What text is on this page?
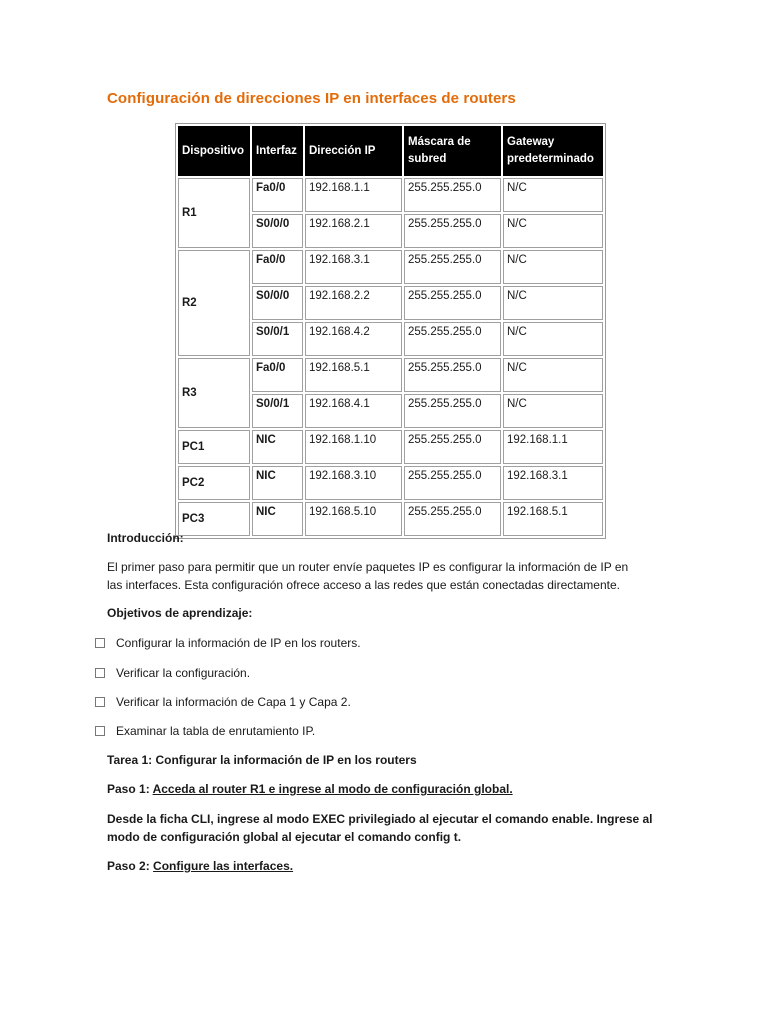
Configuración de direcciones IP en interfaces de routers
Dispositivo	Interfaz	Dirección IP	Máscara de subred	Gateway predeterminado
R1	Fa0/0	192.168.1.1	255.255.255.0	N/C
	S0/0/0	192.168.2.1	255.255.255.0	N/C
R2	Fa0/0	192.168.3.1	255.255.255.0	N/C
	S0/0/0	192.168.2.2	255.255.255.0	N/C
	S0/0/1	192.168.4.2	255.255.255.0	N/C
R3	Fa0/0	192.168.5.1	255.255.255.0	N/C
	S0/0/1	192.168.4.1	255.255.255.0	N/C
PC1	NIC	192.168.1.10	255.255.255.0	192.168.1.1
PC2	NIC	192.168.3.10	255.255.255.0	192.168.3.1
PC3	NIC	192.168.5.10	255.255.255.0	192.168.5.1
Introducción:
El primer paso para permitir que un router envíe paquetes IP es configurar la información de IP en
las interfaces. Esta configuración ofrece acceso a las redes que están conectadas directamente.
Objetivos de aprendizaje:
Configurar la información de IP en los routers.
Verificar la configuración.
Verificar la información de Capa 1 y Capa 2.
Examinar la tabla de enrutamiento IP.
Tarea 1: Configurar la información de IP en los routers
Paso 1: Acceda al router R1 e ingrese al modo de configuración global.
Desde la ficha CLI, ingrese al modo EXEC privilegiado al ejecutar el comando enable. Ingrese al
modo de configuración global al ejecutar el comando config t.
Paso 2: Configure las interfaces.
